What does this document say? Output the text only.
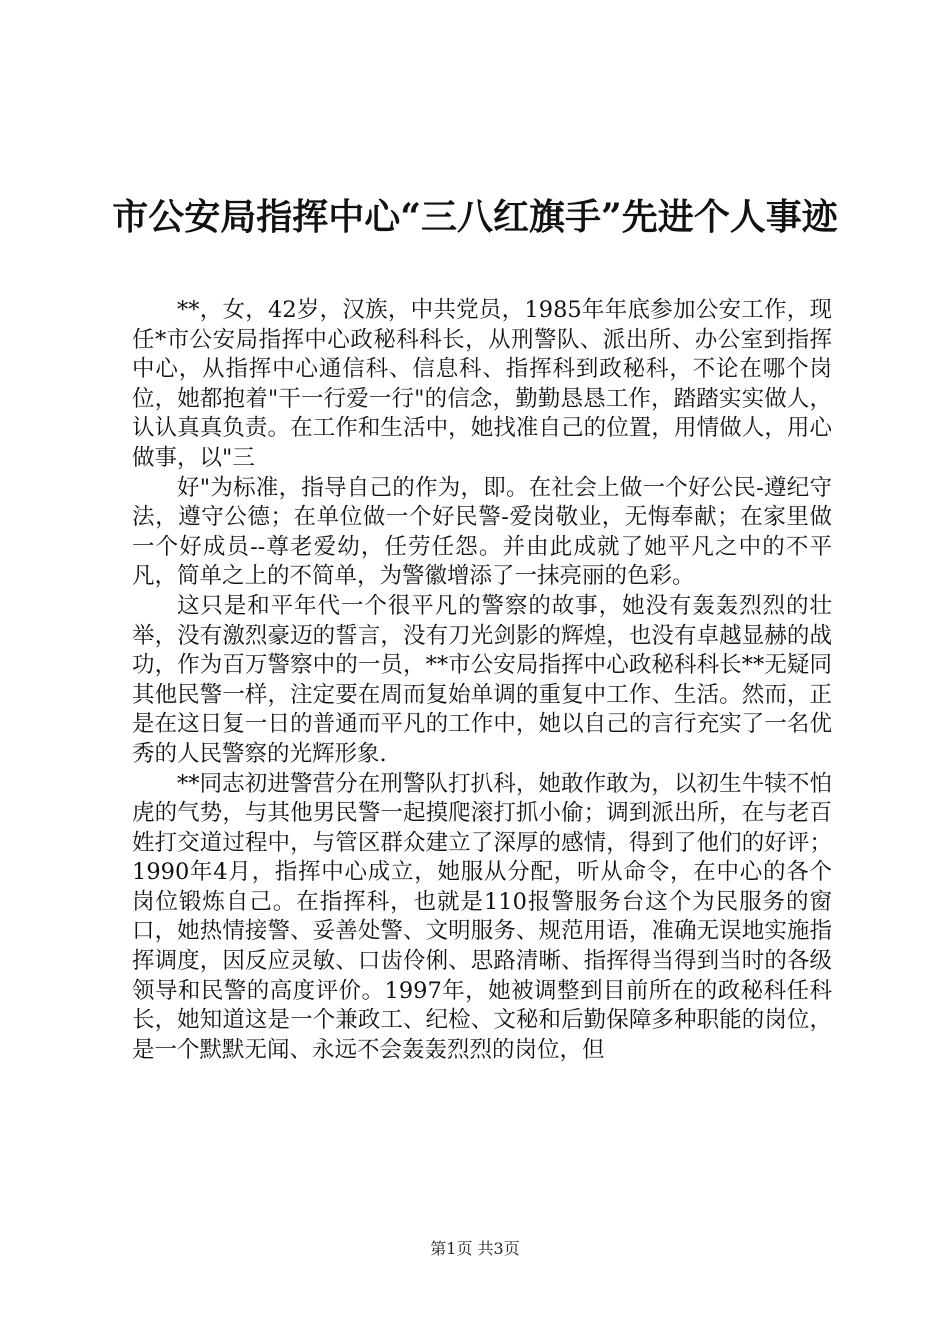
市公安局指挥中心“三八红旗手”先进个人事迹

**，女，42岁，汉族，中共党员，1985年年底参加公安工作，现任*市公安局指挥中心政秘科科长，从刑警队、派出所、办公室到指挥中心，从指挥中心通信科、信息科、指挥科到政秘科，不论在哪个岗位，她都抱着"干一行爱一行"的信念，勤勤恳恳工作，踏踏实实做人，认认真真负责。在工作和生活中，她找准自己的位置，用情做人，用心做事，以"三

好"为标准，指导自己的作为，即。在社会上做一个好公民-遵纪守法，遵守公德；在单位做一个好民警-爱岗敬业，无悔奉献；在家里做一个好成员--尊老爱幼，任劳任怨。并由此成就了她平凡之中的不平凡，简单之上的不简单，为警徽增添了一抹亮丽的色彩。

这只是和平年代一个很平凡的警察的故事，她没有轰轰烈烈的壮举，没有激烈豪迈的誓言，没有刀光剑影的辉煌，也没有卓越显赫的战功，作为百万警察中的一员，**市公安局指挥中心政秘科科长**无疑同其他民警一样，注定要在周而复始单调的重复中工作、生活。然而，正是在这日复一日的普通而平凡的工作中，她以自己的言行充实了一名优秀的人民警察的光辉形象.

**同志初进警营分在刑警队打扒科，她敢作敢为，以初生牛犊不怕虎的气势，与其他男民警一起摸爬滚打抓小偷；调到派出所，在与老百姓打交道过程中，与管区群众建立了深厚的感情，得到了他们的好评；1990年4月，指挥中心成立，她服从分配，听从命令，在中心的各个岗位锻炼自己。在指挥科，也就是110报警服务台这个为民服务的窗口，她热情接警、妥善处警、文明服务、规范用语，准确无误地实施指挥调度，因反应灵敏、口齿伶俐、思路清晰、指挥得当得到当时的各级领导和民警的高度评价。1997年，她被调整到目前所在的政秘科任科长，她知道这是一个兼政工、纪检、文秘和后勤保障多种职能的岗位，是一个默默无闻、永远不会轰轰烈烈的岗位，但

第1页 共3页
